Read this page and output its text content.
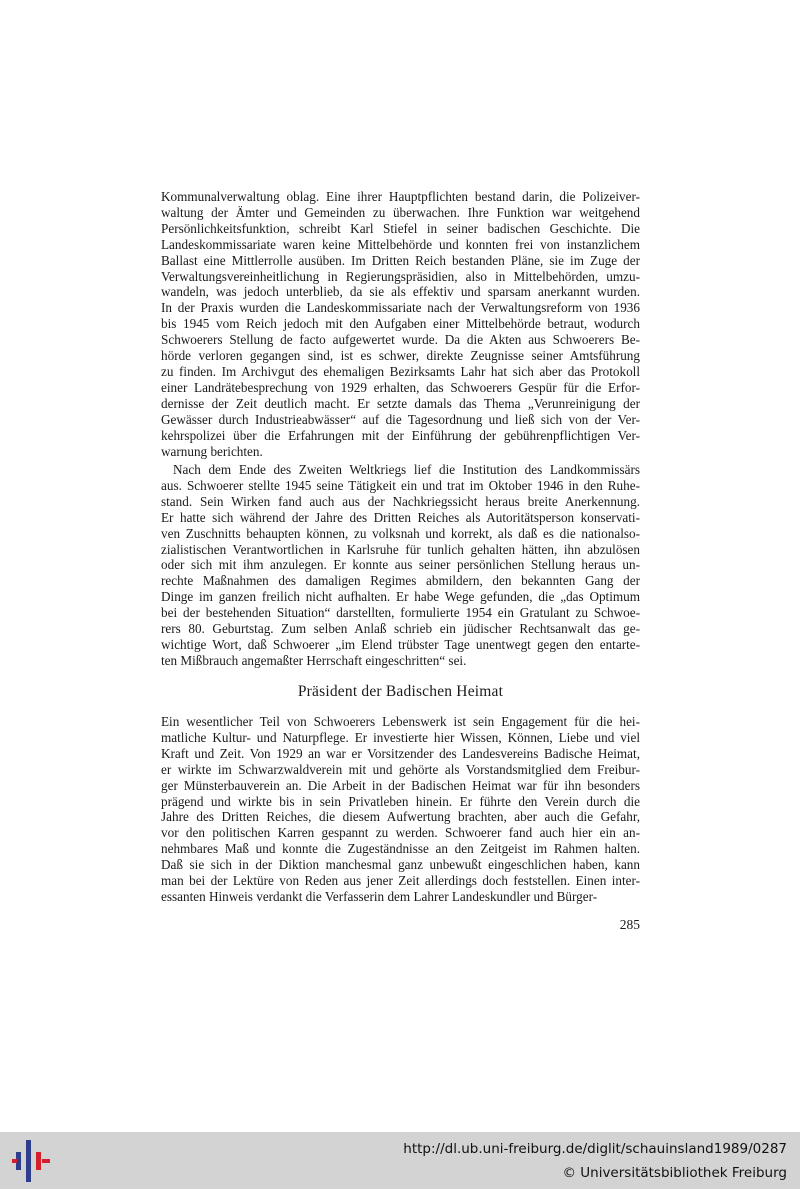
Kommunalverwaltung oblag. Eine ihrer Hauptpflichten bestand darin, die Polizeiver-
waltung der Ämter und Gemeinden zu überwachen. Ihre Funktion war weitgehend
Persönlichkeitsfunktion, schreibt Karl Stiefel in seiner badischen Geschichte. Die
Landeskommissariate waren keine Mittelbehörde und konnten frei von instanzlichem
Ballast eine Mittlerrolle ausüben. Im Dritten Reich bestanden Pläne, sie im Zuge der
Verwaltungsvereinheitlichung in Regierungspräsidien, also in Mittelbehörden, umzu-
wandeln, was jedoch unterblieb, da sie als effektiv und sparsam anerkannt wurden.
In der Praxis wurden die Landeskommissariate nach der Verwaltungsreform von 1936
bis 1945 vom Reich jedoch mit den Aufgaben einer Mittelbehörde betraut, wodurch
Schwoerers Stellung de facto aufgewertet wurde. Da die Akten aus Schwoerers Be-
hörde verloren gegangen sind, ist es schwer, direkte Zeugnisse seiner Amtsführung
zu finden. Im Archivgut des ehemaligen Bezirksamts Lahr hat sich aber das Protokoll
einer Landrätebesprechung von 1929 erhalten, das Schwoerers Gespür für die Erfor-
dernisse der Zeit deutlich macht. Er setzte damals das Thema „Verunreinigung der
Gewässer durch Industrieabwässer“ auf die Tagesordnung und ließ sich von der Ver-
kehrspolizei über die Erfahrungen mit der Einführung der gebührenpflichtigen Ver-
warnung berichten.
Nach dem Ende des Zweiten Weltkriegs lief die Institution des Landkommissärs
aus. Schwoerer stellte 1945 seine Tätigkeit ein und trat im Oktober 1946 in den Ruhe-
stand. Sein Wirken fand auch aus der Nachkriegssicht heraus breite Anerkennung.
Er hatte sich während der Jahre des Dritten Reiches als Autoritätsperson konservati-
ven Zuschnitts behaupten können, zu volksnah und korrekt, als daß es die nationalso-
zialistischen Verantwortlichen in Karlsruhe für tunlich gehalten hätten, ihn abzulösen
oder sich mit ihm anzulegen. Er konnte aus seiner persönlichen Stellung heraus un-
rechte Maßnahmen des damaligen Regimes abmildern, den bekannten Gang der
Dinge im ganzen freilich nicht aufhalten. Er habe Wege gefunden, die „das Optimum
bei der bestehenden Situation“ darstellten, formulierte 1954 ein Gratulant zu Schwoe-
rers 80. Geburtstag. Zum selben Anlaß schrieb ein jüdischer Rechtsanwalt das ge-
wichtige Wort, daß Schwoerer „im Elend trübster Tage unentwegt gegen den entarte-
ten Mißbrauch angemaßter Herrschaft eingeschritten“ sei.
Präsident der Badischen Heimat
Ein wesentlicher Teil von Schwoerers Lebenswerk ist sein Engagement für die hei-
matliche Kultur- und Naturpflege. Er investierte hier Wissen, Können, Liebe und viel
Kraft und Zeit. Von 1929 an war er Vorsitzender des Landesvereins Badische Heimat,
er wirkte im Schwarzwaldverein mit und gehörte als Vorstandsmitglied dem Freibur-
ger Münsterbauverein an. Die Arbeit in der Badischen Heimat war für ihn besonders
prägend und wirkte bis in sein Privatleben hinein. Er führte den Verein durch die
Jahre des Dritten Reiches, die diesem Aufwertung brachten, aber auch die Gefahr,
vor den politischen Karren gespannt zu werden. Schwoerer fand auch hier ein an-
nehmbares Maß und konnte die Zugeständnisse an den Zeitgeist im Rahmen halten.
Daß sie sich in der Diktion manchesmal ganz unbewußt eingeschlichen haben, kann
man bei der Lektüre von Reden aus jener Zeit allerdings doch feststellen. Einen inter-
essanten Hinweis verdankt die Verfasserin dem Lahrer Landeskundler und Bürger-
285
http://dl.ub.uni-freiburg.de/diglit/schauinsland1989/0287
© Universitätsbibliothek Freiburg
